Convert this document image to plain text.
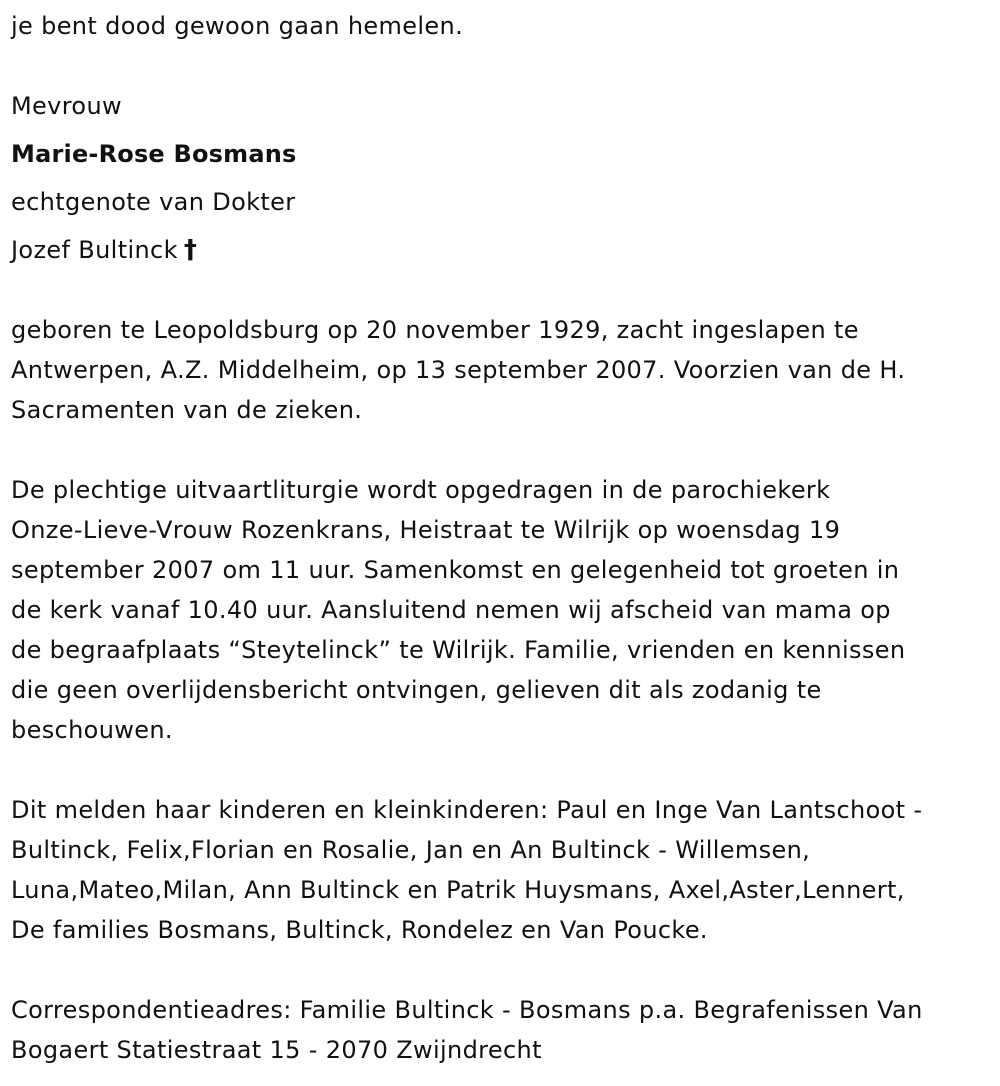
je bent dood gewoon gaan hemelen.
Mevrouw
Marie-Rose Bosmans
echtgenote van Dokter
Jozef Bultinck †
geboren te Leopoldsburg op 20 november 1929, zacht ingeslapen te
Antwerpen, A.Z. Middelheim, op 13 september 2007. Voorzien van de H.
Sacramenten van de zieken.
De plechtige uitvaartliturgie wordt opgedragen in de parochiekerk
Onze-Lieve-Vrouw Rozenkrans, Heistraat te Wilrijk op woensdag 19
september 2007 om 11 uur. Samenkomst en gelegenheid tot groeten in
de kerk vanaf 10.40 uur. Aansluitend nemen wij afscheid van mama op
de begraafplaats “Steytelinck” te Wilrijk. Familie, vrienden en kennissen
die geen overlijdensbericht ontvingen, gelieven dit als zodanig te
beschouwen.
Dit melden haar kinderen en kleinkinderen: Paul en Inge Van Lantschoot -
Bultinck, Felix,Florian en Rosalie, Jan en An Bultinck - Willemsen,
Luna,Mateo,Milan, Ann Bultinck en Patrik Huysmans, Axel,Aster,Lennert,
De families Bosmans, Bultinck, Rondelez en Van Poucke.
Correspondentieadres: Familie Bultinck - Bosmans p.a. Begrafenissen Van
Bogaert Statiestraat 15 - 2070 Zwijndrecht
